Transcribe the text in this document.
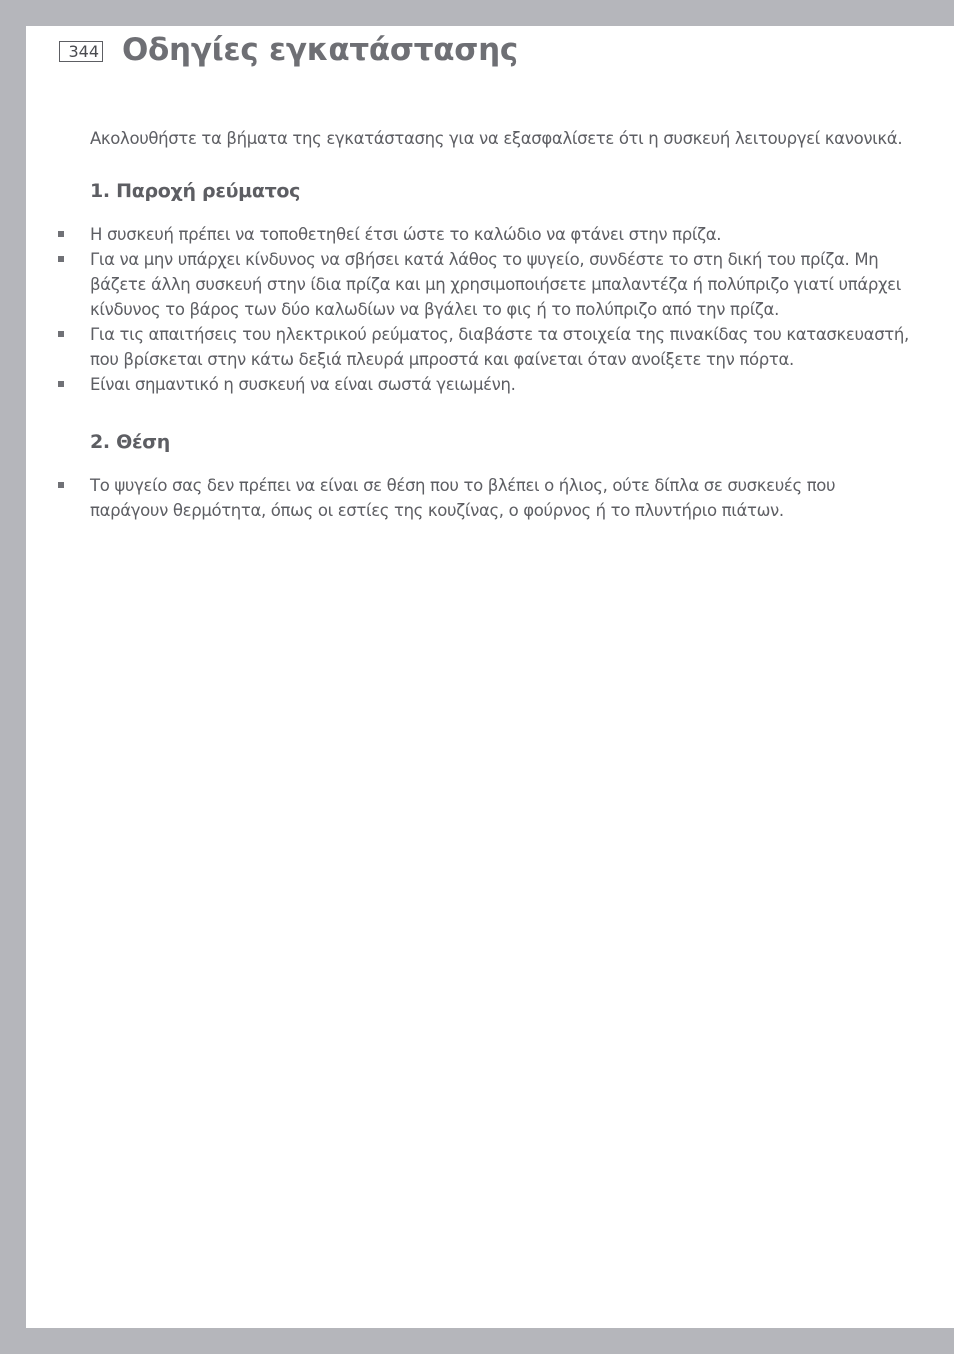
344 Οδηγίες εγκατάστασης

Ακολουθήστε τα βήματα της εγκατάστασης για να εξασφαλίσετε ότι η συσκευή λειτουργεί κανονικά.

1. Παροχή ρεύματος
Η συσκευή πρέπει να τοποθετηθεί έτσι ώστε το καλώδιο να φτάνει στην πρίζα.
Για να μην υπάρχει κίνδυνος να σβήσει κατά λάθος το ψυγείο, συνδέστε το στη δική του πρίζα. Μη βάζετε άλλη συσκευή στην ίδια πρίζα και μη χρησιμοποιήσετε μπαλαντέζα ή πολύπριζο γιατί υπάρχει κίνδυνος το βάρος των δύο καλωδίων να βγάλει το φις ή το πολύπριζο από την πρίζα.
Για τις απαιτήσεις του ηλεκτρικού ρεύματος, διαβάστε τα στοιχεία της πινακίδας του κατασκευαστή, που βρίσκεται στην κάτω δεξιά πλευρά μπροστά και φαίνεται όταν ανοίξετε την πόρτα.
Είναι σημαντικό η συσκευή να είναι σωστά γειωμένη.
2. Θέση
Το ψυγείο σας δεν πρέπει να είναι σε θέση που το βλέπει ο ήλιος, ούτε δίπλα σε συσκευές που παράγουν θερμότητα, όπως οι εστίες της κουζίνας, ο φούρνος ή το πλυντήριο πιάτων.
